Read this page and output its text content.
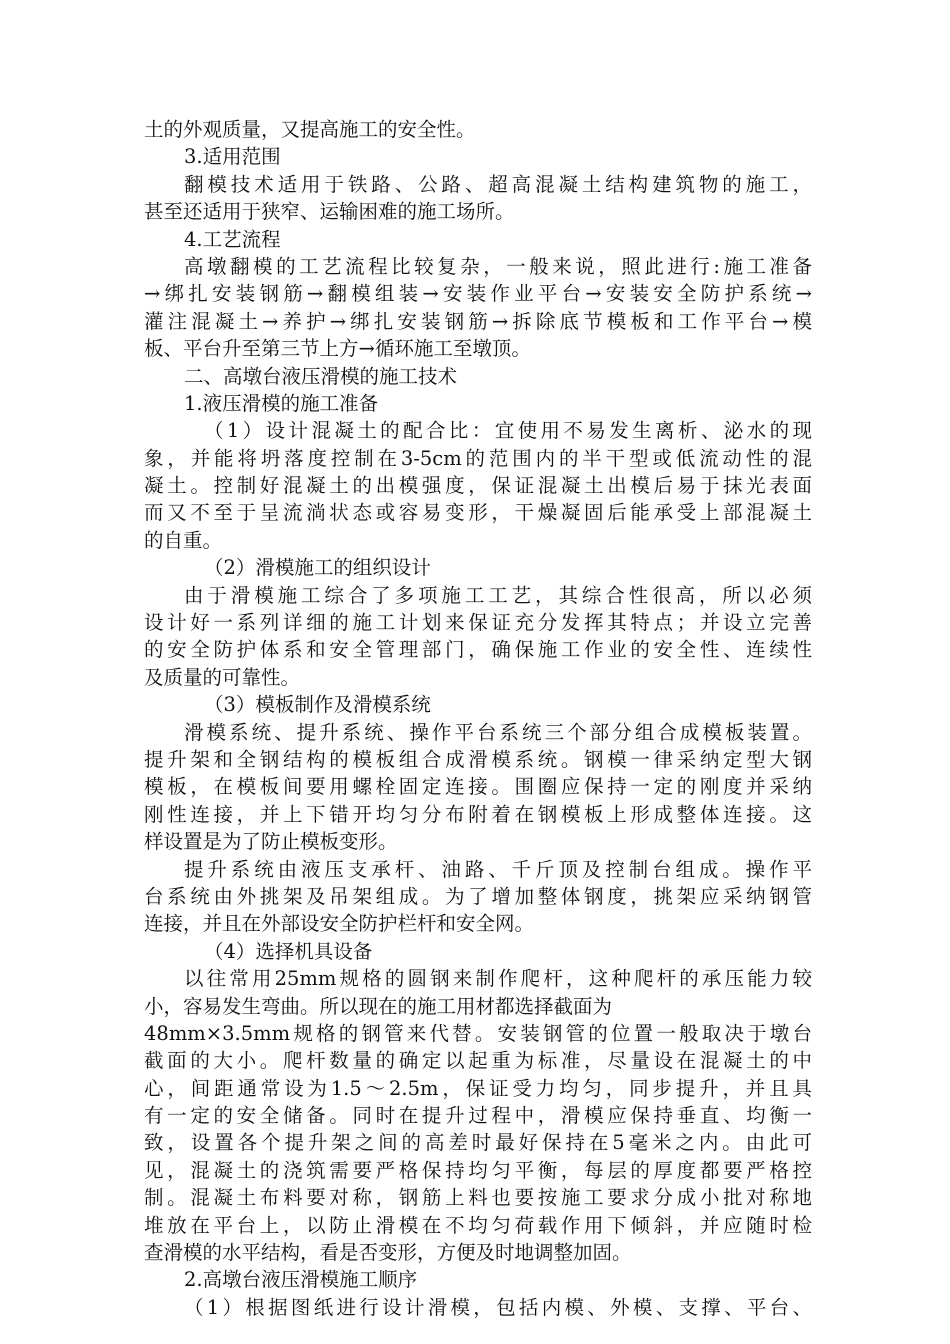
土的外观质量，又提高施工的安全性。
3.适用范围
翻模技术适用于铁路、公路、超高混凝土结构建筑物的施工，
甚至还适用于狭窄、运输困难的施工场所。
4.工艺流程
高墩翻模的工艺流程比较复杂，一般来说，照此进行:施工准备
→绑扎安装钢筋→翻模组装→安装作业平台→安装安全防护系统→
灌注混凝土→养护→绑扎安装钢筋→拆除底节模板和工作平台→模
板、平台升至第三节上方→循环施工至墩顶。
二、高墩台液压滑模的施工技术
1.液压滑模的施工准备
（1）设计混凝土的配合比：宜使用不易发生离析、泌水的现
象，并能将坍落度控制在3-5cm的范围内的半干型或低流动性的混
凝土。控制好混凝土的出模强度，保证混凝土出模后易于抹光表面
而又不至于呈流淌状态或容易变形，干燥凝固后能承受上部混凝土
的自重。
（2）滑模施工的组织设计
由于滑模施工综合了多项施工工艺，其综合性很高，所以必须
设计好一系列详细的施工计划来保证充分发挥其特点；并设立完善
的安全防护体系和安全管理部门，确保施工作业的安全性、连续性
及质量的可靠性。
（3）模板制作及滑模系统
滑模系统、提升系统、操作平台系统三个部分组合成模板装置。
提升架和全钢结构的模板组合成滑模系统。钢模一律采纳定型大钢
模板，在模板间要用螺栓固定连接。围圈应保持一定的刚度并采纳
刚性连接，并上下错开均匀分布附着在钢模板上形成整体连接。这
样设置是为了防止模板变形。
提升系统由液压支承杆、油路、千斤顶及控制台组成。操作平
台系统由外挑架及吊架组成。为了增加整体钢度，挑架应采纳钢管
连接，并且在外部设安全防护栏杆和安全网。
（4）选择机具设备
以往常用25mm规格的圆钢来制作爬杆，这种爬杆的承压能力较
小，容易发生弯曲。所以现在的施工用材都选择截面为
48mm×3.5mm规格的钢管来代替。安装钢管的位置一般取决于墩台
截面的大小。爬杆数量的确定以起重为标准，尽量设在混凝土的中
心，间距通常设为1.5～2.5m，保证受力均匀，同步提升，并且具
有一定的安全储备。同时在提升过程中，滑模应保持垂直、均衡一
致，设置各个提升架之间的高差时最好保持在5毫米之内。由此可
见，混凝土的浇筑需要严格保持均匀平衡，每层的厚度都要严格控
制。混凝土布料要对称，钢筋上料也要按施工要求分成小批对称地
堆放在平台上，以防止滑模在不均匀荷载作用下倾斜，并应随时检
查滑模的水平结构，看是否变形，方便及时地调整加固。
2.高墩台液压滑模施工顺序
（1）根据图纸进行设计滑模，包括内模、外模、支撑、平台、
